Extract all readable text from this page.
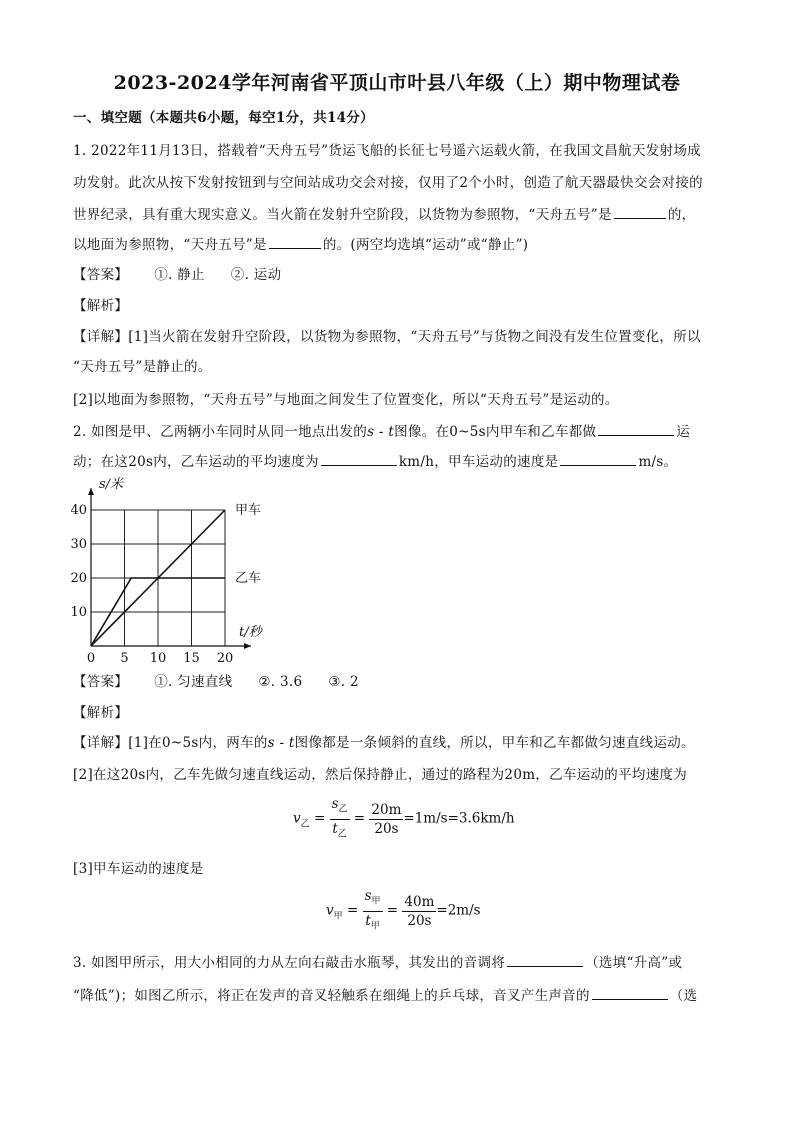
2023-2024学年河南省平顶山市叶县八年级（上）期中物理试卷
一、填空题（本题共6小题，每空1分，共14分）
1. 2022年11月13日，搭载着“天舟五号”货运飞船的长征七号遥六运载火箭，在我国文昌航天发射场成
功发射。此次从按下发射按钮到与空间站成功交会对接，仅用了2个小时，创造了航天器最快交会对接的
世界纪录，具有重大现实意义。当火箭在发射升空阶段，以货物为参照物，“天舟五号”是	的，
以地面为参照物，“天舟五号”是	的。(两空均选填“运动”或“静止”)
【答案】 ①. 静止 ②. 运动
【解析】
【详解】[1]当火箭在发射升空阶段，以货物为参照物，“天舟五号”与货物之间没有发生位置变化，所以
“天舟五号”是静止的。
[2]以地面为参照物，“天舟五号”与地面之间发生了位置变化，所以“天舟五号”是运动的。
2. 如图是甲、乙两辆小车同时从同一地点出发的s - t图像。在0~5s内甲车和乙车都做	运
动；在这20s内，乙车运动的平均速度为	km/h，甲车运动的速度是	m/s。
0 5 10 15 20
10
20
30
40
s/米
t/秒
甲车
乙车
【答案】 ①. 匀速直线 ②. 3.6 ③. 2
【解析】
【详解】[1]在0~5s内，两车的s - t图像都是一条倾斜的直线，所以，甲车和乙车都做匀速直线运动。
[2]在这20s内，乙车先做匀速直线运动，然后保持静止，通过的路程为20m，乙车运动的平均速度为
$v_乙 = \frac{s_乙}{t_乙} = \frac{20m}{20s} =1m/s=3.6km/h$
[3]甲车运动的速度是
$v_甲 = \frac{s_甲}{t_甲} = \frac{40m}{20s} =2m/s$
3. 如图甲所示，用大小相同的力从左向右敲击水瓶琴，其发出的音调将	（选填“升高”或
“降低”)；如图乙所示，将正在发声的音叉轻触系在细绳上的乒乓球，音叉产生声音的	（选
